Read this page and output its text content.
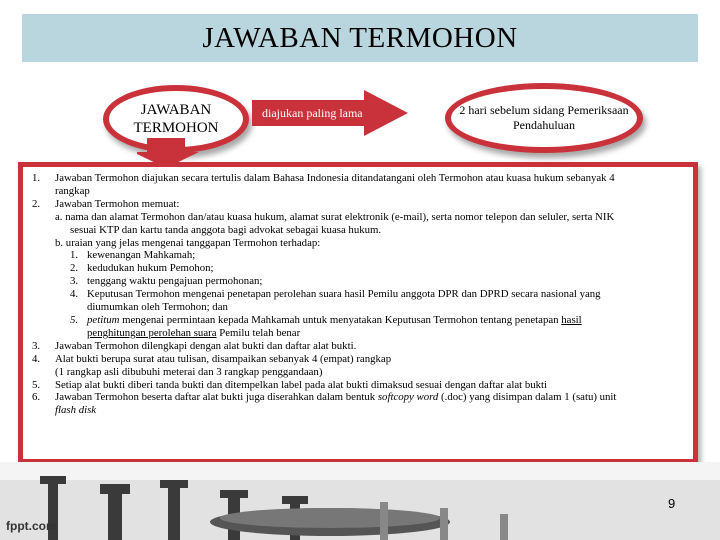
JAWABAN TERMOHON
JAWABAN TERMOHON
diajukan paling lama	2 hari sebelum sidang Pemeriksaan Pendahuluan
1. Jawaban Termohon diajukan secara tertulis dalam Bahasa Indonesia ditandatangani oleh Termohon atau kuasa hukum sebanyak 4
rangkap
2. Jawaban Termohon memuat:
a. nama dan alamat Termohon dan/atau kuasa hukum, alamat surat elektronik (e-mail), serta nomor telepon dan seluler, serta NIK
sesuai KTP dan kartu tanda anggota bagi advokat sebagai kuasa hukum.
b. uraian yang jelas mengenai tanggapan Termohon terhadap:
1. kewenangan Mahkamah;
2. kedudukan hukum Pemohon;
3. tenggang waktu pengajuan permohonan;
4. Keputusan Termohon mengenai penetapan perolehan suara hasil Pemilu anggota DPR dan DPRD secara nasional yang
diumumkan oleh Termohon; dan
5. petitum mengenai permintaan kepada Mahkamah untuk menyatakan Keputusan Termohon tentang penetapan hasil
penghitungan perolehan suara Pemilu telah benar
3. Jawaban Termohon dilengkapi dengan alat bukti dan daftar alat bukti.
4. Alat bukti berupa surat atau tulisan, disampaikan sebanyak 4 (empat) rangkap
(1 rangkap asli dibubuhi meterai dan 3 rangkap penggandaan)
5. Setiap alat bukti diberi tanda bukti dan ditempelkan label pada alat bukti dimaksud sesuai dengan daftar alat bukti
6. Jawaban Termohon beserta daftar alat bukti juga diserahkan dalam bentuk softcopy word (.doc) yang disimpan dalam 1 (satu) unit
flash disk
fppt.com
9
